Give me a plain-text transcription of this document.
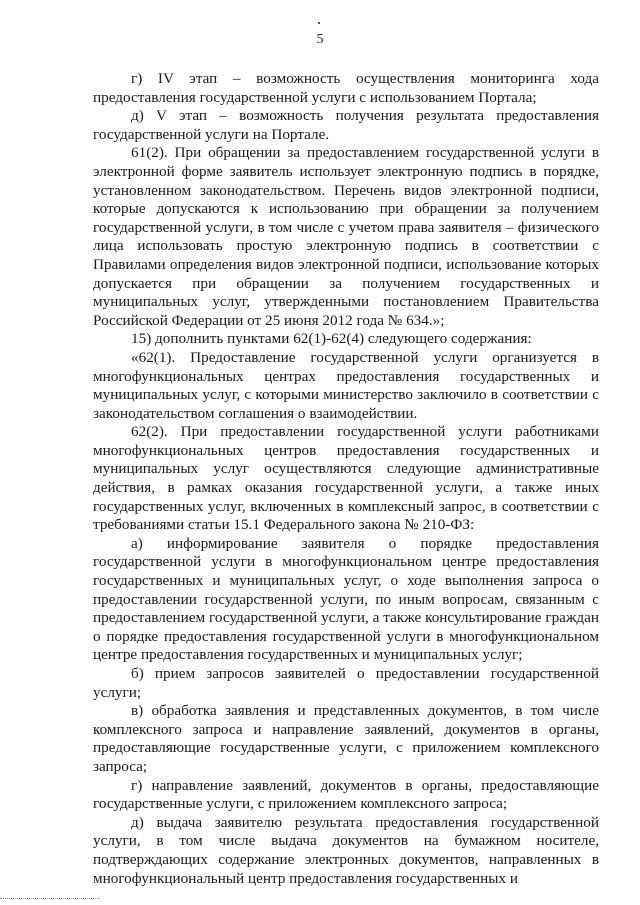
5

г) IV этап – возможность осуществления мониторинга хода предоставления государственной услуги с использованием Портала;

д) V этап – возможность получения результата предоставления государственной услуги на Портале.

61(2). При обращении за предоставлением государственной услуги в электронной форме заявитель использует электронную подпись в порядке, установленном законодательством. Перечень видов электронной подписи, которые допускаются к использованию при обращении за получением государственной услуги, в том числе с учетом права заявителя – физического лица использовать простую электронную подпись в соответствии с Правилами определения видов электронной подписи, использование которых допускается при обращении за получением государственных и муниципальных услуг, утвержденными постановлением Правительства Российской Федерации от 25 июня 2012 года № 634.»;

15) дополнить пунктами 62(1)-62(4) следующего содержания:

«62(1). Предоставление государственной услуги организуется в многофункциональных центрах предоставления государственных и муниципальных услуг, с которыми министерство заключило в соответствии с законодательством соглашения о взаимодействии.

62(2). При предоставлении государственной услуги работниками многофункциональных центров предоставления государственных и муниципальных услуг осуществляются следующие административные действия, в рамках оказания государственной услуги, а также иных государственных услуг, включенных в комплексный запрос, в соответствии с требованиями статьи 15.1 Федерального закона № 210-ФЗ:

а) информирование заявителя о порядке предоставления государственной услуги в многофункциональном центре предоставления государственных и муниципальных услуг, о ходе выполнения запроса о предоставлении государственной услуги, по иным вопросам, связанным с предоставлением государственной услуги, а также консультирование граждан о порядке предоставления государственной услуги в многофункциональном центре предоставления государственных и муниципальных услуг;

б) прием запросов заявителей о предоставлении государственной услуги;

в) обработка заявления и представленных документов, в том числе комплексного запроса и направление заявлений, документов в органы, предоставляющие государственные услуги, с приложением комплексного запроса;

г) направление заявлений, документов в органы, предоставляющие государственные услуги, с приложением комплексного запроса;

д) выдача заявителю результата предоставления государственной услуги, в том числе выдача документов на бумажном носителе, подтверждающих содержание электронных документов, направленных в многофункциональный центр предоставления государственных и
